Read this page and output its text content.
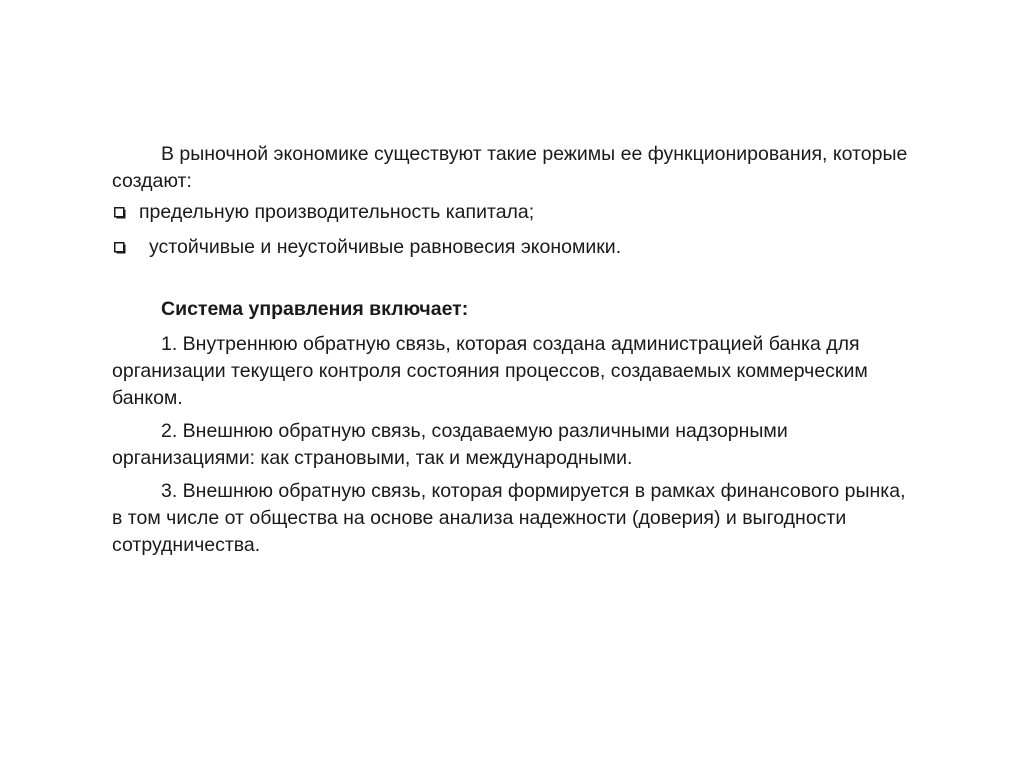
В рыночной экономике существуют такие режимы ее функционирования, которые создают:

предельную производительность капитала;
устойчивые и неустойчивые равновесия экономики.

Система управления включает:

1. Внутреннюю обратную связь, которая создана администрацией банка для организации текущего контроля состояния процессов, создаваемых коммерческим банком.

2. Внешнюю обратную связь, создаваемую различными надзорными организациями: как страновыми, так и международными.

3. Внешнюю обратную связь, которая формируется в рамках финансового рынка, в том числе от общества на основе анализа надежности (доверия) и выгодности сотрудничества.
